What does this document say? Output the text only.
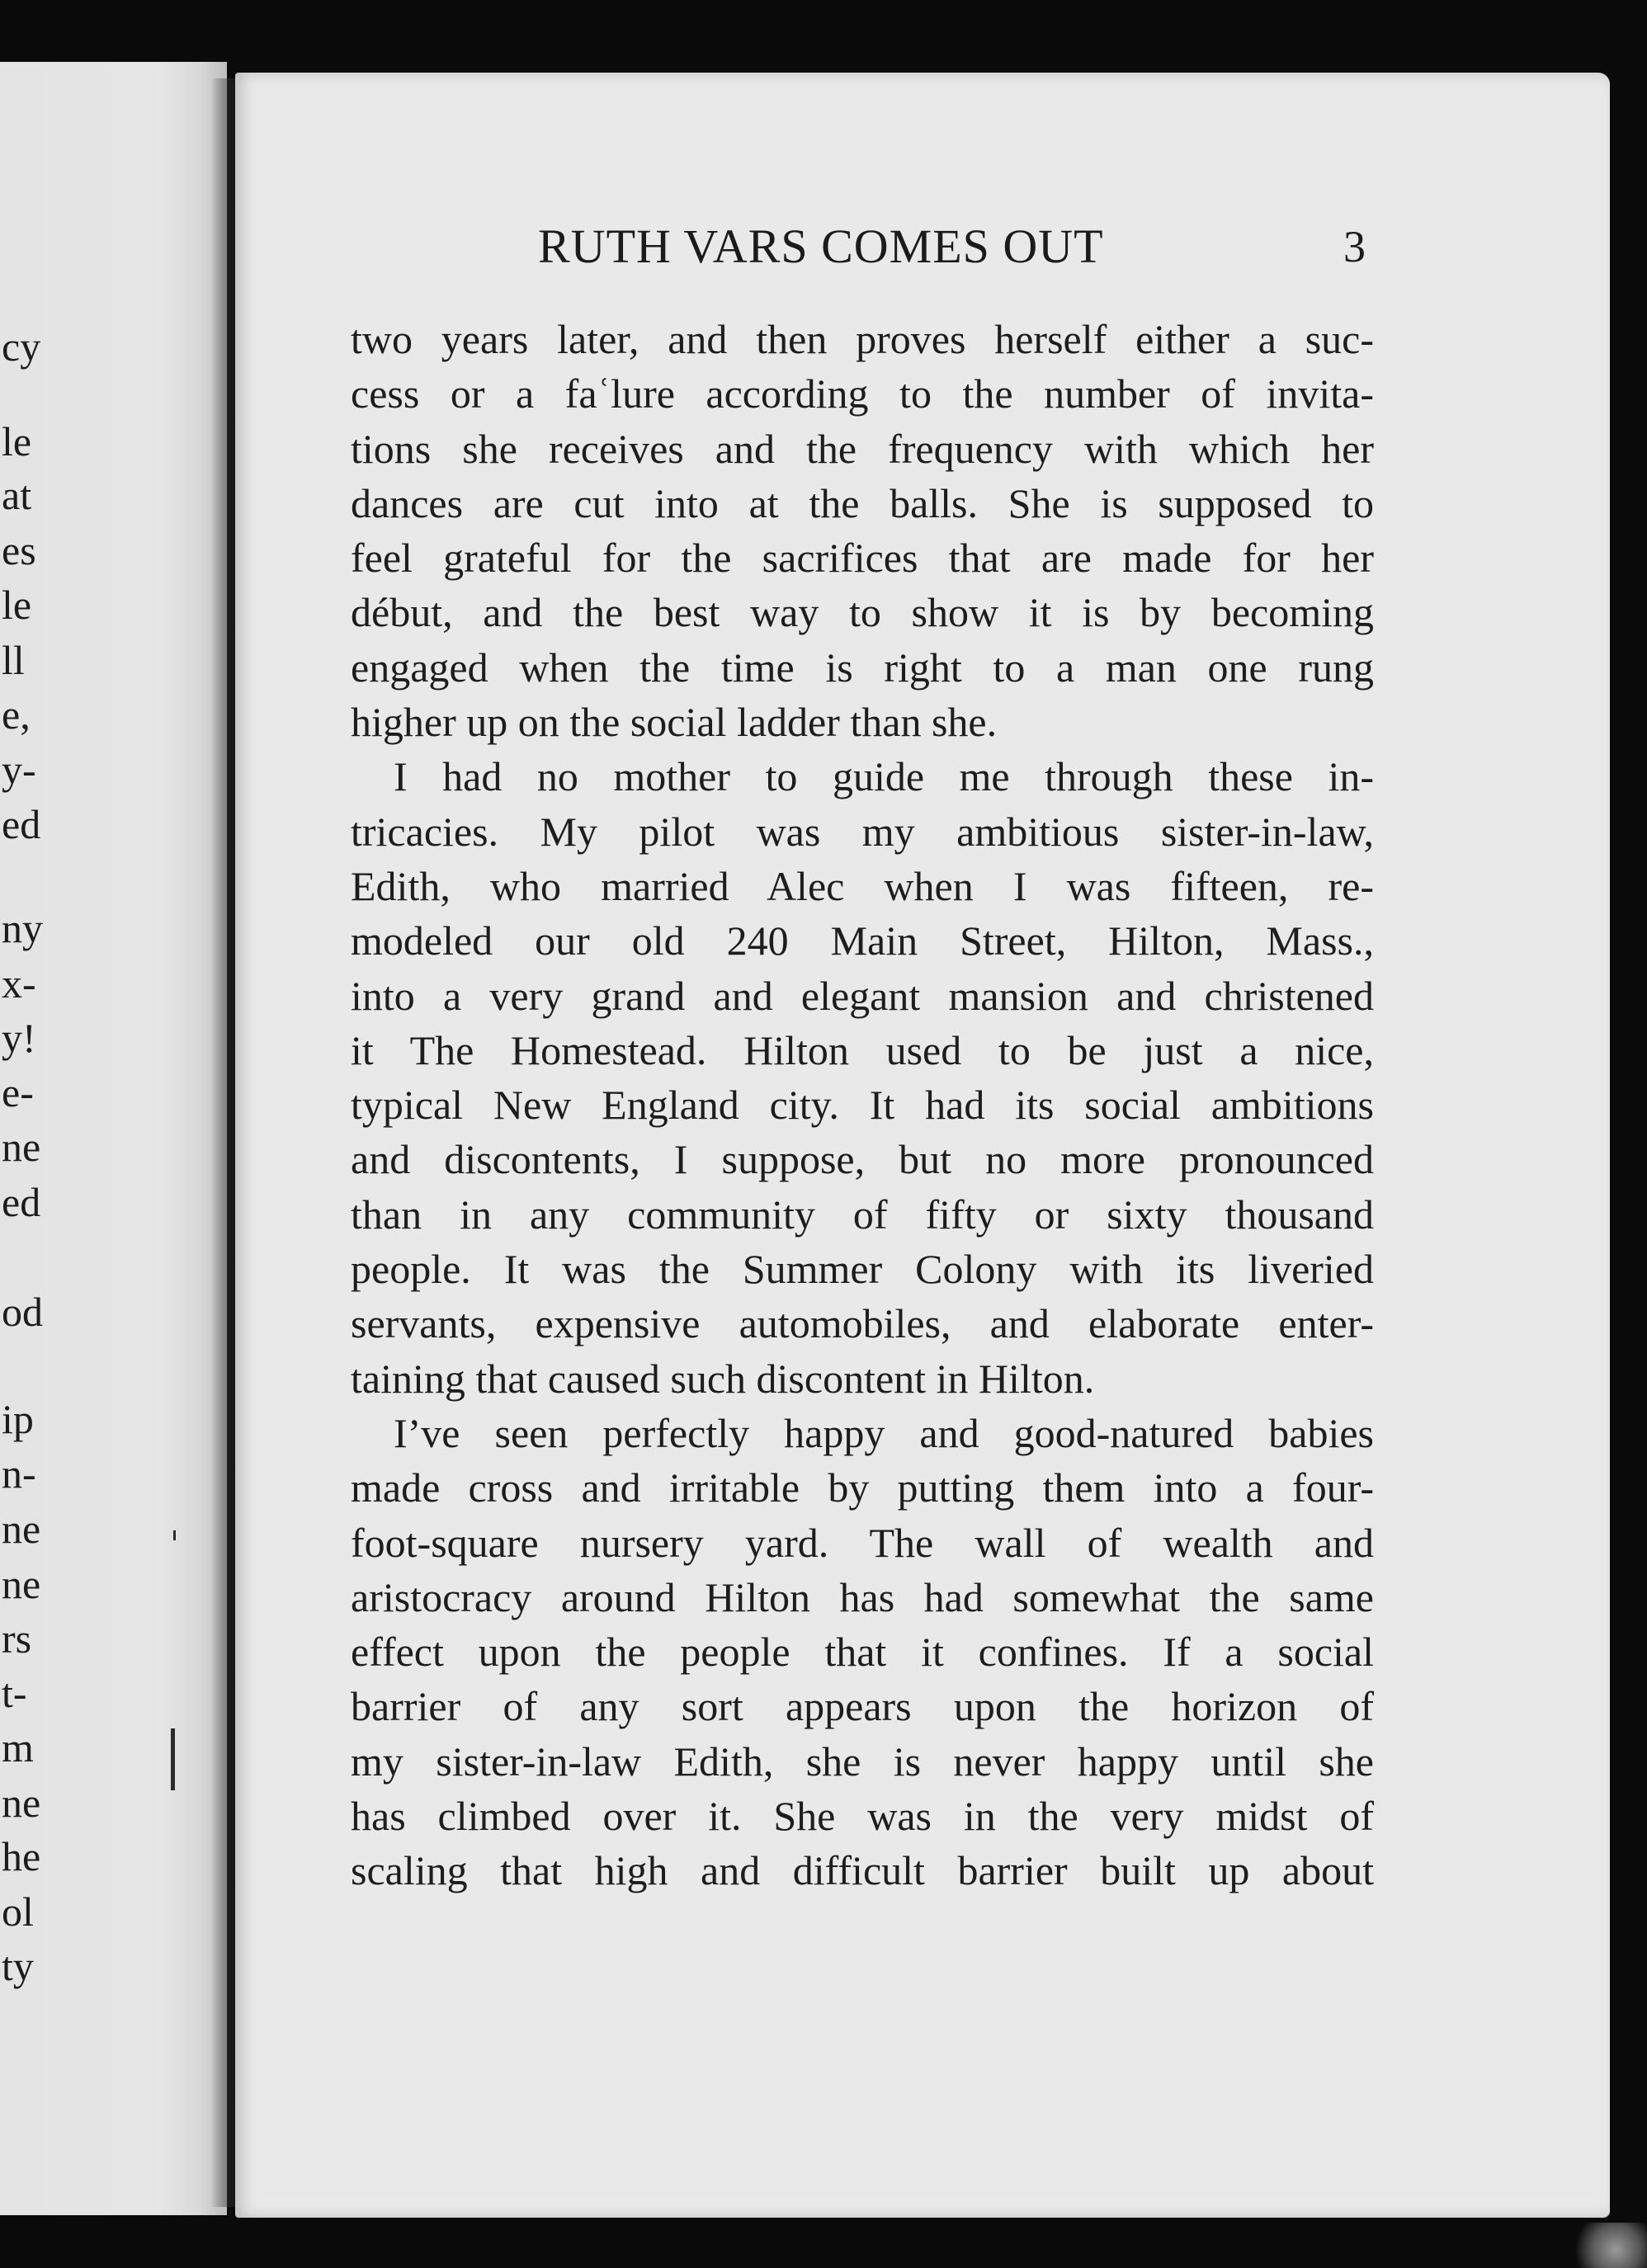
cy
le
at
es
le
ll
e,
y-
ed
ny
x-
y!
e-
ne
ed
od
ip
n-
ne
ne
rs
t-
m
ne
he
ol
ty
RUTH VARS COMES OUT	3
two years later, and then proves herself either a suc-
cess or a faʿlure according to the number of invita-
tions she receives and the frequency with which her
dances are cut into at the balls. She is supposed to
feel grateful for the sacrifices that are made for her
début, and the best way to show it is by becoming
engaged when the time is right to a man one rung
higher up on the social ladder than she.
I had no mother to guide me through these in-
tricacies. My pilot was my ambitious sister-in-law,
Edith, who married Alec when I was fifteen, re-
modeled our old 240 Main Street, Hilton, Mass.,
into a very grand and elegant mansion and christened
it The Homestead. Hilton used to be just a nice,
typical New England city. It had its social ambitions
and discontents, I suppose, but no more pronounced
than in any community of fifty or sixty thousand
people. It was the Summer Colony with its liveried
servants, expensive automobiles, and elaborate enter-
taining that caused such discontent in Hilton.
I’ve seen perfectly happy and good-natured babies
made cross and irritable by putting them into a four-
foot-square nursery yard. The wall of wealth and
aristocracy around Hilton has had somewhat the same
effect upon the people that it confines. If a social
barrier of any sort appears upon the horizon of
my sister-in-law Edith, she is never happy until she
has climbed over it. She was in the very midst of
scaling that high and difficult barrier built up about
